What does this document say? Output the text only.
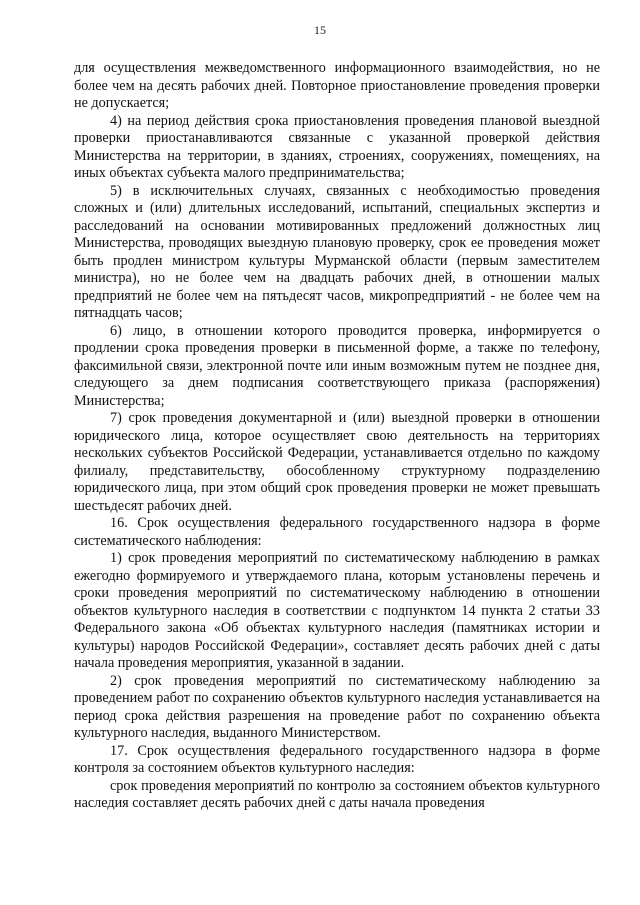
15

для осуществления межведомственного информационного взаимодействия, но не более чем на десять рабочих дней. Повторное приостановление проведения проверки не допускается;

4) на период действия срока приостановления проведения плановой выездной проверки приостанавливаются связанные с указанной проверкой действия Министерства на территории, в зданиях, строениях, сооружениях, помещениях, на иных объектах субъекта малого предпринимательства;

5) в исключительных случаях, связанных с необходимостью проведения сложных и (или) длительных исследований, испытаний, специальных экспертиз и расследований на основании мотивированных предложений должностных лиц Министерства, проводящих выездную плановую проверку, срок ее проведения может быть продлен министром культуры Мурманской области (первым заместителем министра), но не более чем на двадцать рабочих дней, в отношении малых предприятий не более чем на пятьдесят часов, микропредприятий - не более чем на пятнадцать часов;

6) лицо, в отношении которого проводится проверка, информируется о продлении срока проведения проверки в письменной форме, а также по телефону, факсимильной связи, электронной почте или иным возможным путем не позднее дня, следующего за днем подписания соответствующего приказа (распоряжения) Министерства;

7) срок проведения документарной и (или) выездной проверки в отношении юридического лица, которое осуществляет свою деятельность на территориях нескольких субъектов Российской Федерации, устанавливается отдельно по каждому филиалу, представительству, обособленному структурному подразделению юридического лица, при этом общий срок проведения проверки не может превышать шестьдесят рабочих дней.

16. Срок осуществления федерального государственного надзора в форме систематического наблюдения:

1) срок проведения мероприятий по систематическому наблюдению в рамках ежегодно формируемого и утверждаемого плана, которым установлены перечень и сроки проведения мероприятий по систематическому наблюдению в отношении объектов культурного наследия в соответствии с подпунктом 14 пункта 2 статьи 33 Федерального закона «Об объектах культурного наследия (памятниках истории и культуры) народов Российской Федерации», составляет десять рабочих дней с даты начала проведения мероприятия, указанной в задании.

2) срок проведения мероприятий по систематическому наблюдению за проведением работ по сохранению объектов культурного наследия устанавливается на период срока действия разрешения на проведение работ по сохранению объекта культурного наследия, выданного Министерством.

17. Срок осуществления федерального государственного надзора в форме контроля за состоянием объектов культурного наследия:

срок проведения мероприятий по контролю за состоянием объектов культурного наследия составляет десять рабочих дней с даты начала проведения
